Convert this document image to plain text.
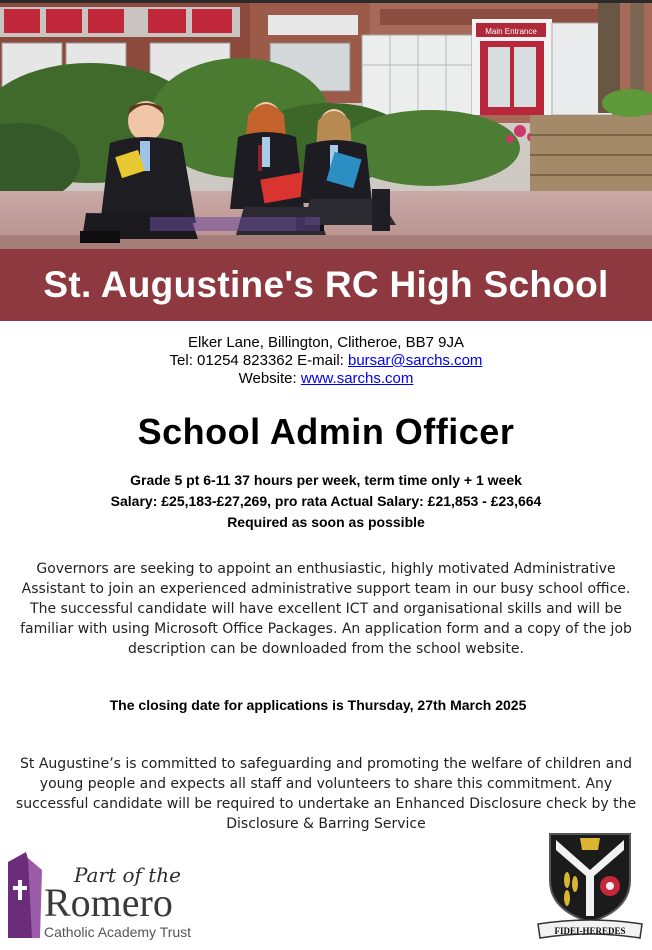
Main Entrance
St. Augustine's RC High School
Elker Lane, Billington, Clitheroe, BB7 9JA
Tel: 01254 823362 E-mail: bursar@sarchs.com
Website: www.sarchs.com
School Admin Officer
Grade 5 pt 6-11 37 hours per week, term time only + 1 week
Salary: £25,183-£27,269, pro rata Actual Salary: £21,853 - £23,664
Required as soon as possible
Governors are seeking to appoint an enthusiastic, highly motivated Administrative Assistant to join an experienced administrative support team in our busy school office. The successful candidate will have excellent ICT and organisational skills and will be familiar with using Microsoft Office Packages. An application form and a copy of the job description can be downloaded from the school website.
The closing date for applications is Thursday, 27th March 2025
St Augustine’s is committed to safeguarding and promoting the welfare of children and young people and expects all staff and volunteers to share this commitment. Any successful candidate will be required to undertake an Enhanced Disclosure check by the Disclosure & Barring Service
Part of the
Romero
Catholic Academy Trust	FIDEI-HEREDES
